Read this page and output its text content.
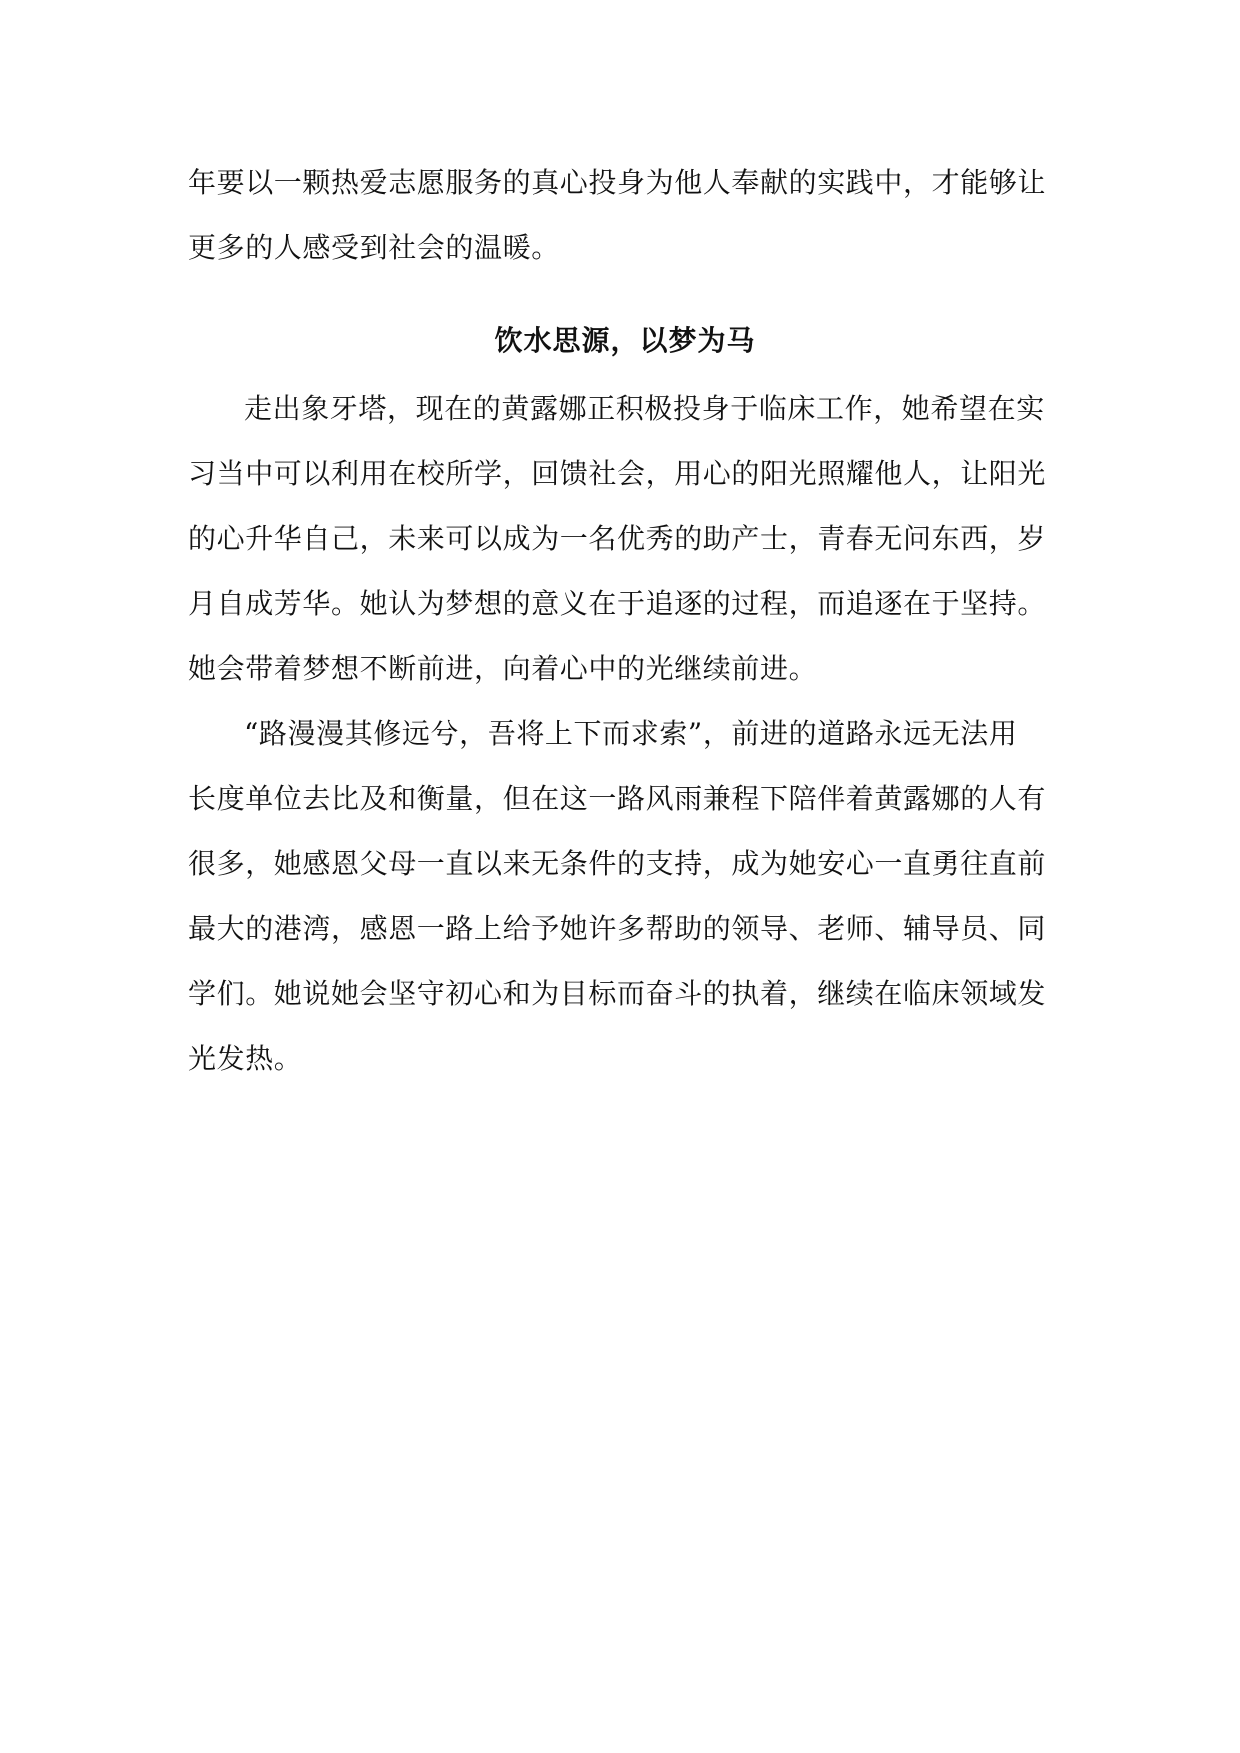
年要以一颗热爱志愿服务的真心投身为他人奉献的实践中，才能够让
更多的人感受到社会的温暖。
饮水思源，以梦为马
走出象牙塔，现在的黄露娜正积极投身于临床工作，她希望在实
习当中可以利用在校所学，回馈社会，用心的阳光照耀他人，让阳光
的心升华自己，未来可以成为一名优秀的助产士，青春无问东西，岁
月自成芳华。她认为梦想的意义在于追逐的过程，而追逐在于坚持。
她会带着梦想不断前进，向着心中的光继续前进。
“路漫漫其修远兮，吾将上下而求索”，前进的道路永远无法用
长度单位去比及和衡量，但在这一路风雨兼程下陪伴着黄露娜的人有
很多，她感恩父母一直以来无条件的支持，成为她安心一直勇往直前
最大的港湾，感恩一路上给予她许多帮助的领导、老师、辅导员、同
学们。她说她会坚守初心和为目标而奋斗的执着，继续在临床领域发
光发热。
